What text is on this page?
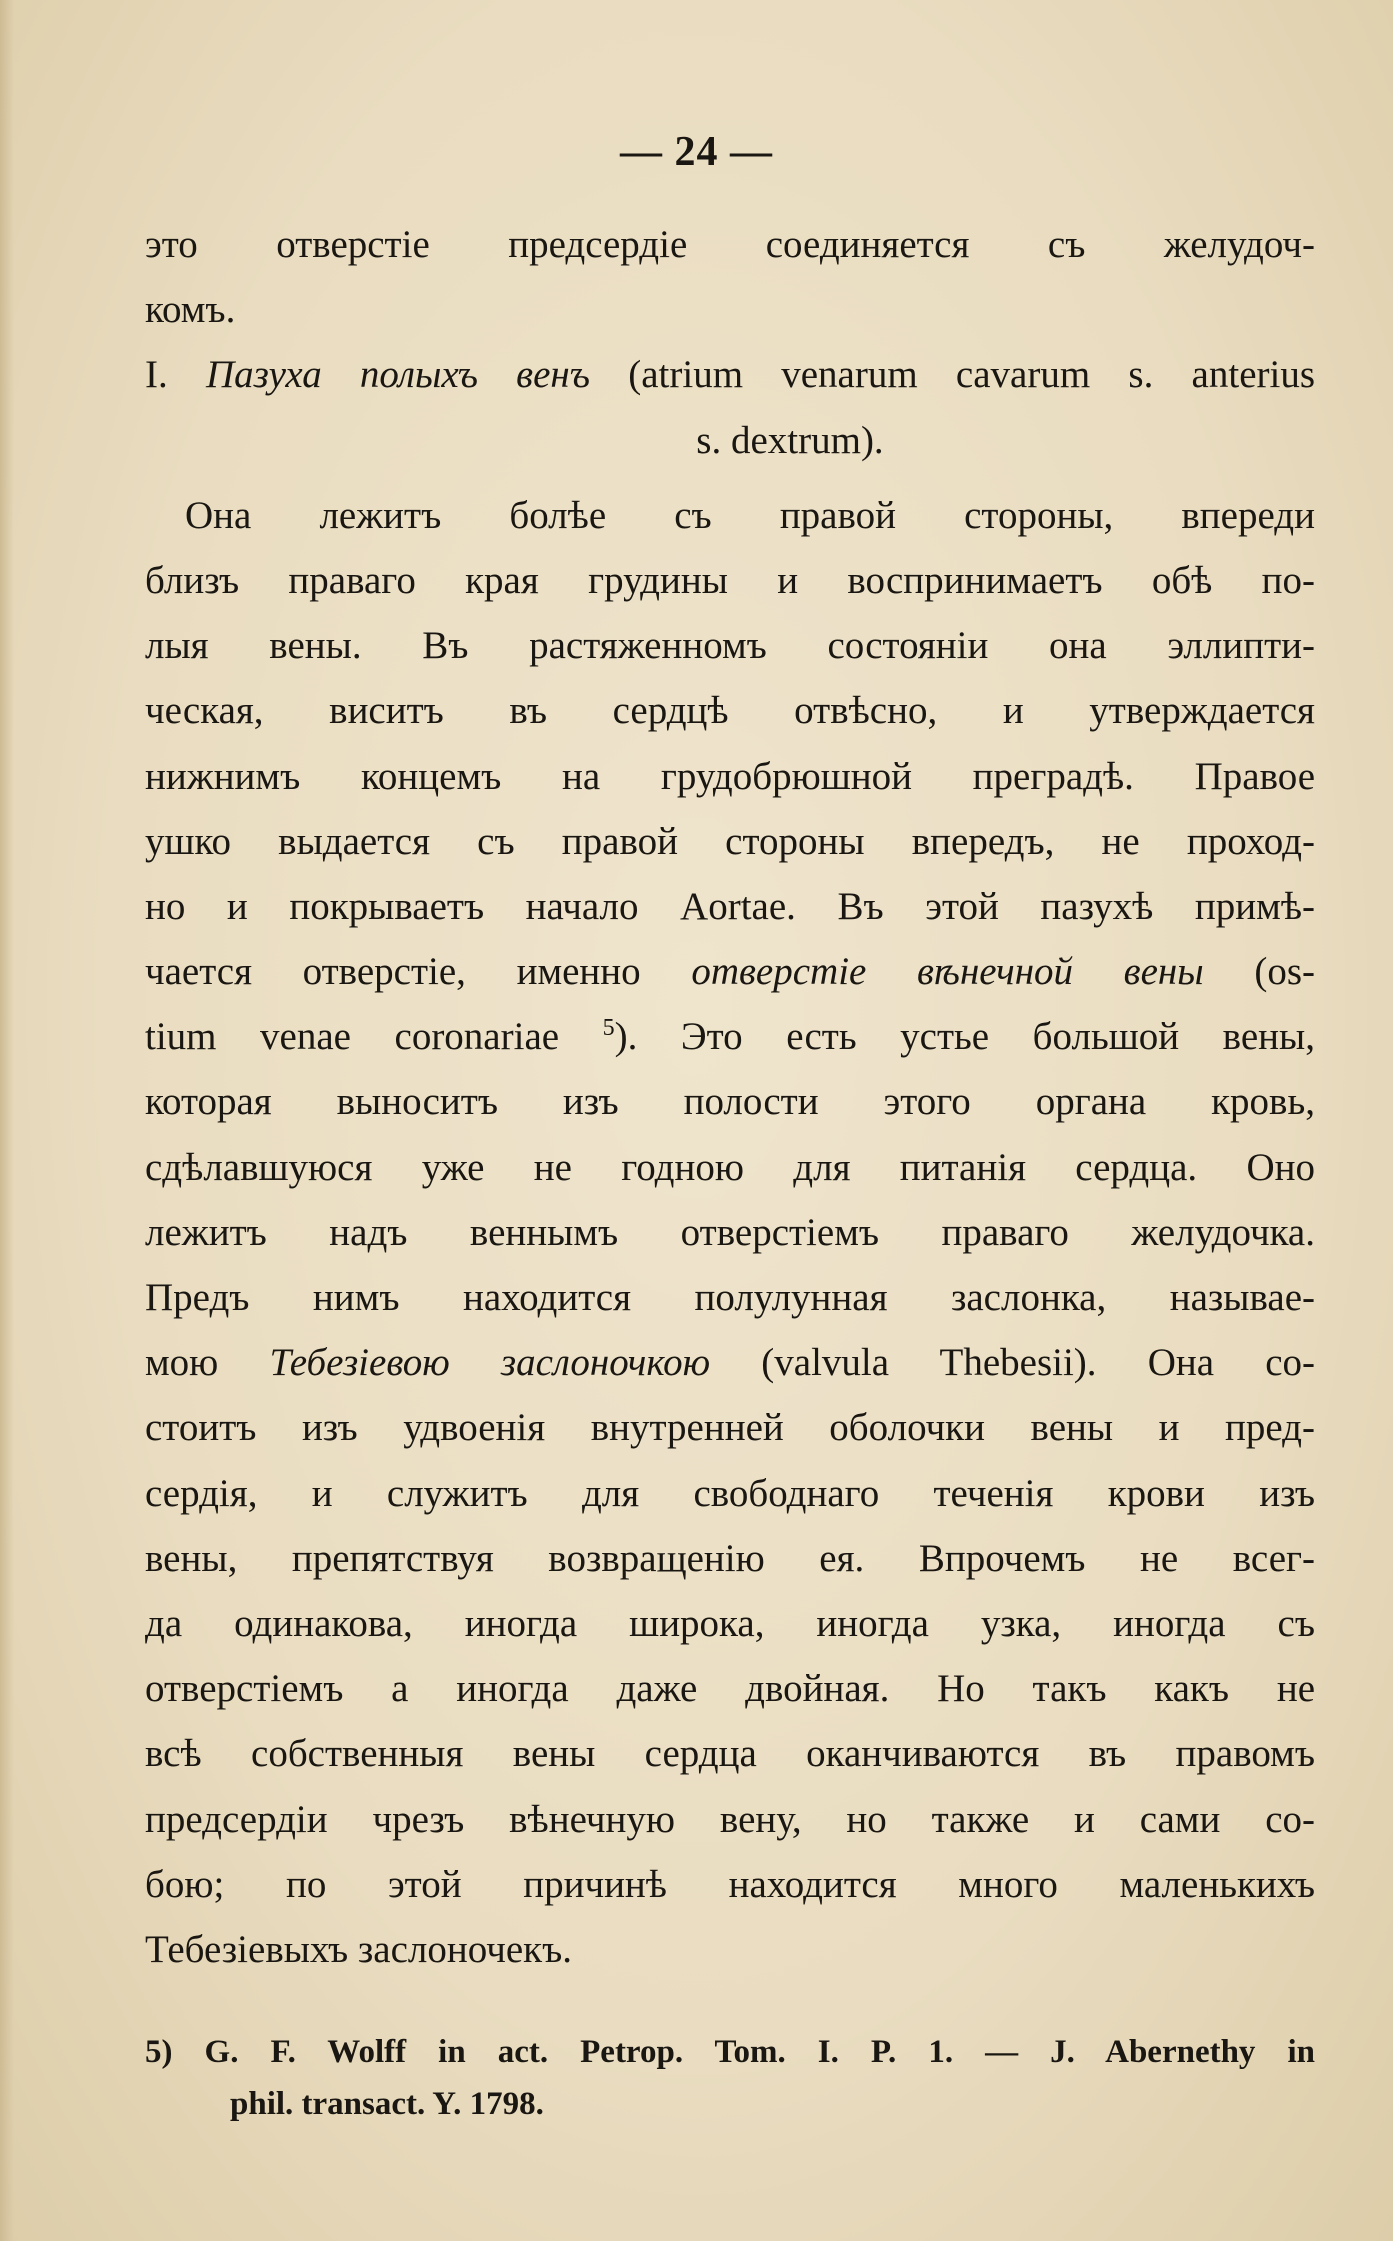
— 24 —
это отверстіе предсердіе соединяется съ желудоч-
комъ.
I. Пазуха полыхъ венъ (atrium venarum cavarum s. anterius
s. dextrum).
Она лежитъ болѣе съ правой стороны, впереди
близъ праваго края грудины и воспринимаетъ обѣ по-
лыя вены. Въ растяженномъ состояніи она эллипти-
ческая, виситъ въ сердцѣ отвѣсно, и утверждается
нижнимъ концемъ на грудобрюшной преградѣ. Правое
ушко выдается съ правой стороны впередъ, не проход-
но и покрываетъ начало Aortae. Въ этой пазухѣ примѣ-
чается отверстіе, именно отверстіе вѣнечной вены (os-
tium venae coronariae $^5$). Это есть устье большой вены,
которая выноситъ изъ полости этого органа кровь,
сдѣлавшуюся уже не годною для питанія сердца. Оно
лежитъ надъ веннымъ отверстіемъ праваго желудочка.
Предъ нимъ находится полулунная заслонка, называе-
мою Тебезіевою заслоночкою (valvula Thebesii). Она со-
стоитъ изъ удвоенія внутренней оболочки вены и пред-
сердія, и служитъ для свободнаго теченія крови изъ
вены, препятствуя возвращенію ея. Впрочемъ не всег-
да одинакова, иногда широка, иногда узка, иногда съ
отверстіемъ а иногда даже двойная. Но такъ какъ не
всѣ собственныя вены сердца оканчиваются въ правомъ
предсердіи чрезъ вѣнечную вену, но также и сами со-
бою; по этой причинѣ находится много маленькихъ
Тебезіевыхъ заслоночекъ.
5) G. F. Wolff in act. Petrop. Tom. I. P. 1. — J. Abernethy in
phil. transact. Y. 1798.
